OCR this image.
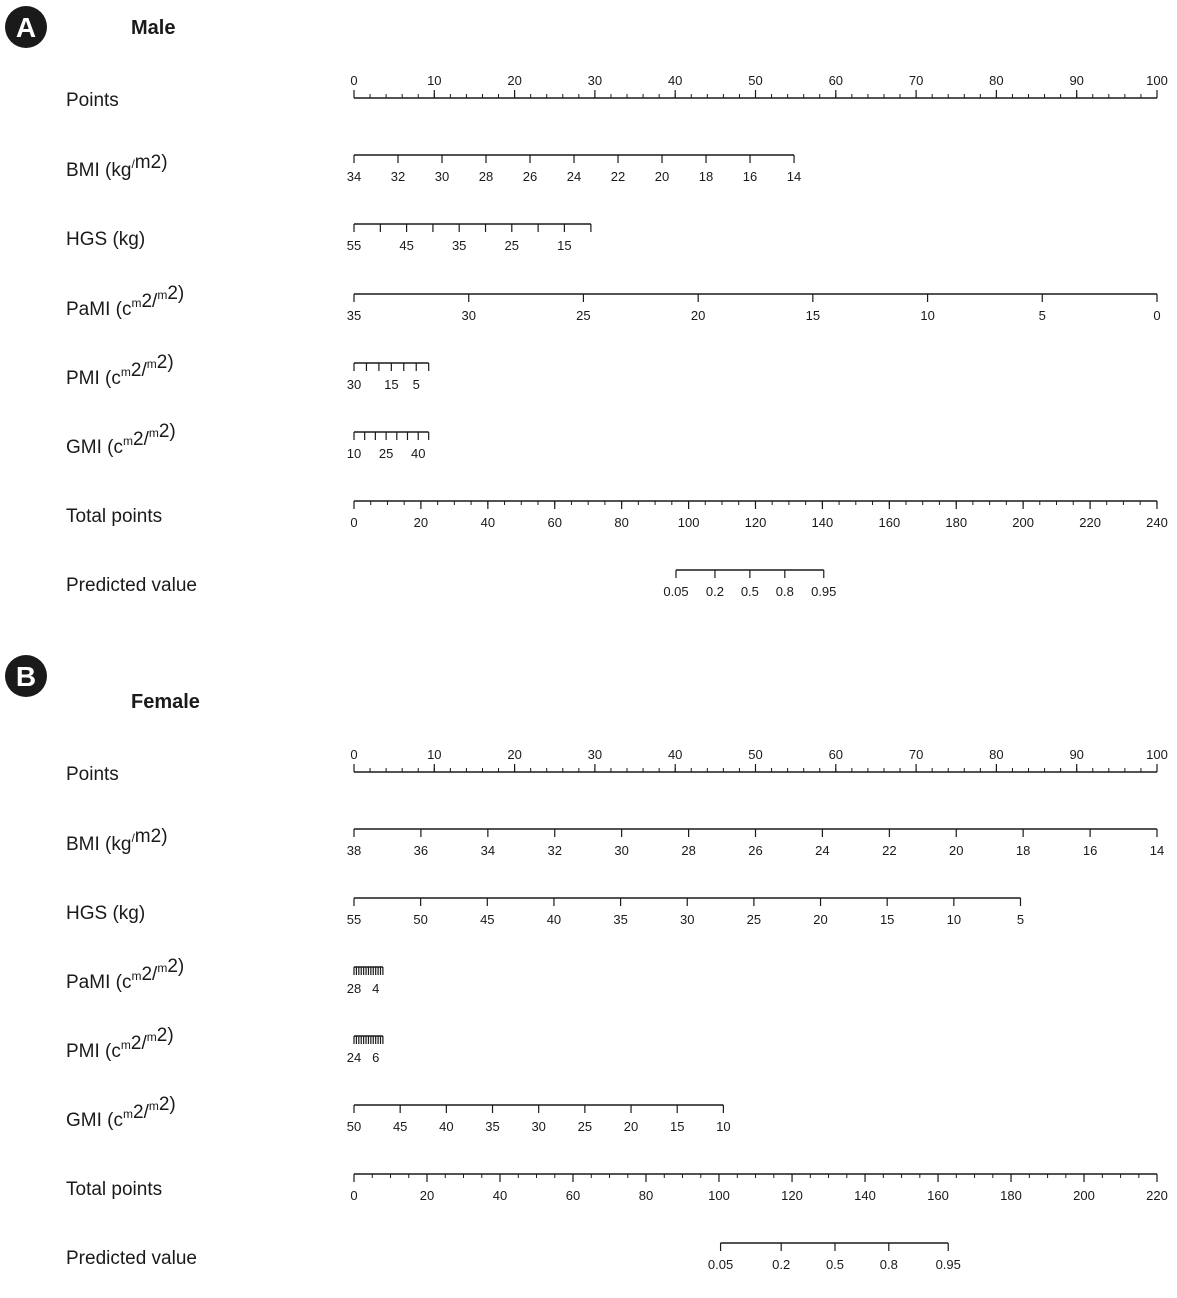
A	Male
Points
0	10	20	30	40	50	60	70	80	90	100
BMI (kg/m2)
34 32 30 28 26 24 22 20 18 16 14
HGS (kg)	55	45	35	25	15
PaMI $(c^m2/^m2)$
35	30	25	20	15	10	5	0
PMI $(c^m2/^m2)$
30 15 5
GMI $(c^m2/^m2)$
10 25 40
Total points	0	20	40	60	80	100	120	140	160	180	200	220	240
Predicted value	0.05 0.2 0.5 0.8 0.95
B
Female
Points
0	10	20	30	40	50	60	70	80	90	100
BMI (kg/m2)
38	36	34	32	30	28	26	24	22	20	18	16	14
HGS (kg)	55	50	45	40	35	30	25	20	15	10	5
PaMI $(c^m2/^m2)$
28 4
PMI $(c^m2/^m2)$
24 6
GMI $(c^m2/^m2)$
50 45 40 35 30 25 20 15 10
Total points	0	20	40	60	80	100	120	140	160	180	200	220
Predicted value	0.05	0.2	0.5	0.8	0.95
